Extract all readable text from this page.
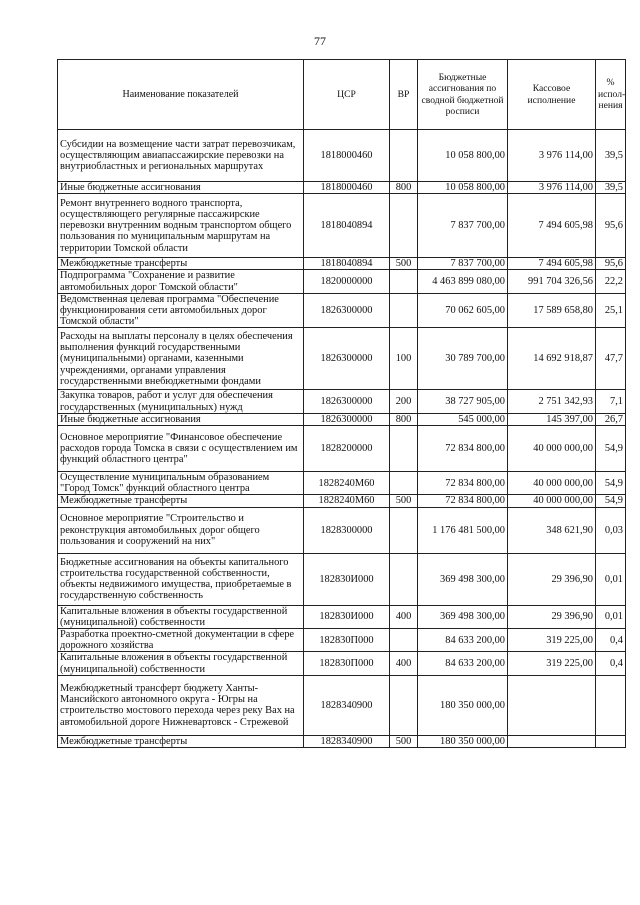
77
Наименование показателей	ЦСР	ВР	Бюджетные ассигнования по сводной бюджетной росписи	Кассовое исполнение	% испол-нения
Субсидии на возмещение части затрат перевозчикам, осуществляющим авиапассажирские перевозки на внутриобластных и региональных маршрутах	1818000460		10 058 800,00	3 976 114,00	39,5
Иные бюджетные ассигнования	1818000460	800	10 058 800,00	3 976 114,00	39,5
Ремонт внутреннего водного транспорта, осуществляющего регулярные пассажирские перевозки внутренним водным транспортом общего пользования по муниципальным маршрутам на территории Томской области	1818040894		7 837 700,00	7 494 605,98	95,6
Межбюджетные трансферты	1818040894	500	7 837 700,00	7 494 605,98	95,6
Подпрограмма "Сохранение и развитие автомобильных дорог Томской области"	1820000000		4 463 899 080,00	991 704 326,56	22,2
Ведомственная целевая программа "Обеспечение функционирования сети автомобильных дорог Томской области"	1826300000		70 062 605,00	17 589 658,80	25,1
Расходы на выплаты персоналу в целях обеспечения выполнения функций государственными (муниципальными) органами, казенными учреждениями, органами управления государственными внебюджетными фондами	1826300000	100	30 789 700,00	14 692 918,87	47,7
Закупка товаров, работ и услуг для обеспечения государственных (муниципальных) нужд	1826300000	200	38 727 905,00	2 751 342,93	7,1
Иные бюджетные ассигнования	1826300000	800	545 000,00	145 397,00	26,7
Основное мероприятие "Финансовое обеспечение расходов города Томска в связи с осуществлением им функций областного центра"	1828200000		72 834 800,00	40 000 000,00	54,9
Осуществление муниципальным образованием "Город Томск" функций областного центра	1828240М60		72 834 800,00	40 000 000,00	54,9
Межбюджетные трансферты	1828240М60	500	72 834 800,00	40 000 000,00	54,9
Основное мероприятие "Строительство и реконструкция автомобильных дорог общего пользования и сооружений на них"	1828300000		1 176 481 500,00	348 621,90	0,03
Бюджетные ассигнования на объекты капитального строительства государственной собственности, объекты недвижимого имущества, приобретаемые в государственную собственность	182830И000		369 498 300,00	29 396,90	0,01
Капитальные вложения в объекты государственной (муниципальной) собственности	182830И000	400	369 498 300,00	29 396,90	0,01
Разработка проектно-сметной документации в сфере дорожного хозяйства	182830П000		84 633 200,00	319 225,00	0,4
Капитальные вложения в объекты государственной (муниципальной) собственности	182830П000	400	84 633 200,00	319 225,00	0,4
Межбюджетный трансферт бюджету Ханты-Мансийского автономного округа - Югры на строительство мостового перехода через реку Вах на автомобильной дороге Нижневартовск - Стрежевой	1828340900		180 350 000,00		
Межбюджетные трансферты	1828340900	500	180 350 000,00		
